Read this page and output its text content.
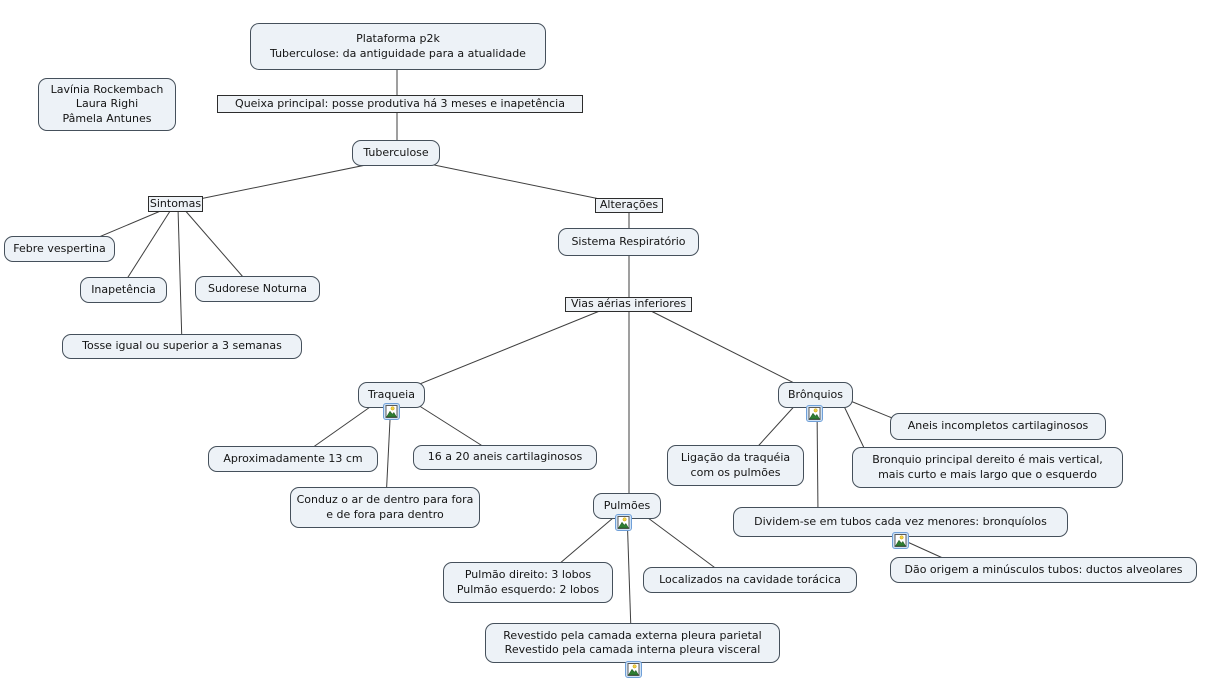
Plataforma p2k
Tuberculose: da antiguidade para a atualidade
Lavínia Rockembach
Laura Righi
Pâmela Antunes
Tuberculose
Febre vespertina
Inapetência	Sudorese Noturna
Tosse igual ou superior a 3 semanas
Sistema Respiratório
Traqueia
Aproximadamente 13 cm	16 a 20 aneis cartilaginosos
Conduz o ar de dentro para fora
e de fora para dentro
Brônquios
Aneis incompletos cartilaginosos
Bronquio principal dereito é mais vertical,
mais curto e mais largo que o esquerdo
Ligação da traquéia
com os pulmões
Dividem-se em tubos cada vez menores: bronquíolos
Dão origem a minúsculos tubos: ductos alveolares
Pulmões
Pulmão direito: 3 lobos
Pulmão esquerdo: 2 lobos
Localizados na cavidade torácica
Revestido pela camada externa pleura parietal
Revestido pela camada interna pleura visceral
Queixa principal: posse produtiva há 3 meses e inapetência
Sintomas	Alterações
Vias aérias inferiores
